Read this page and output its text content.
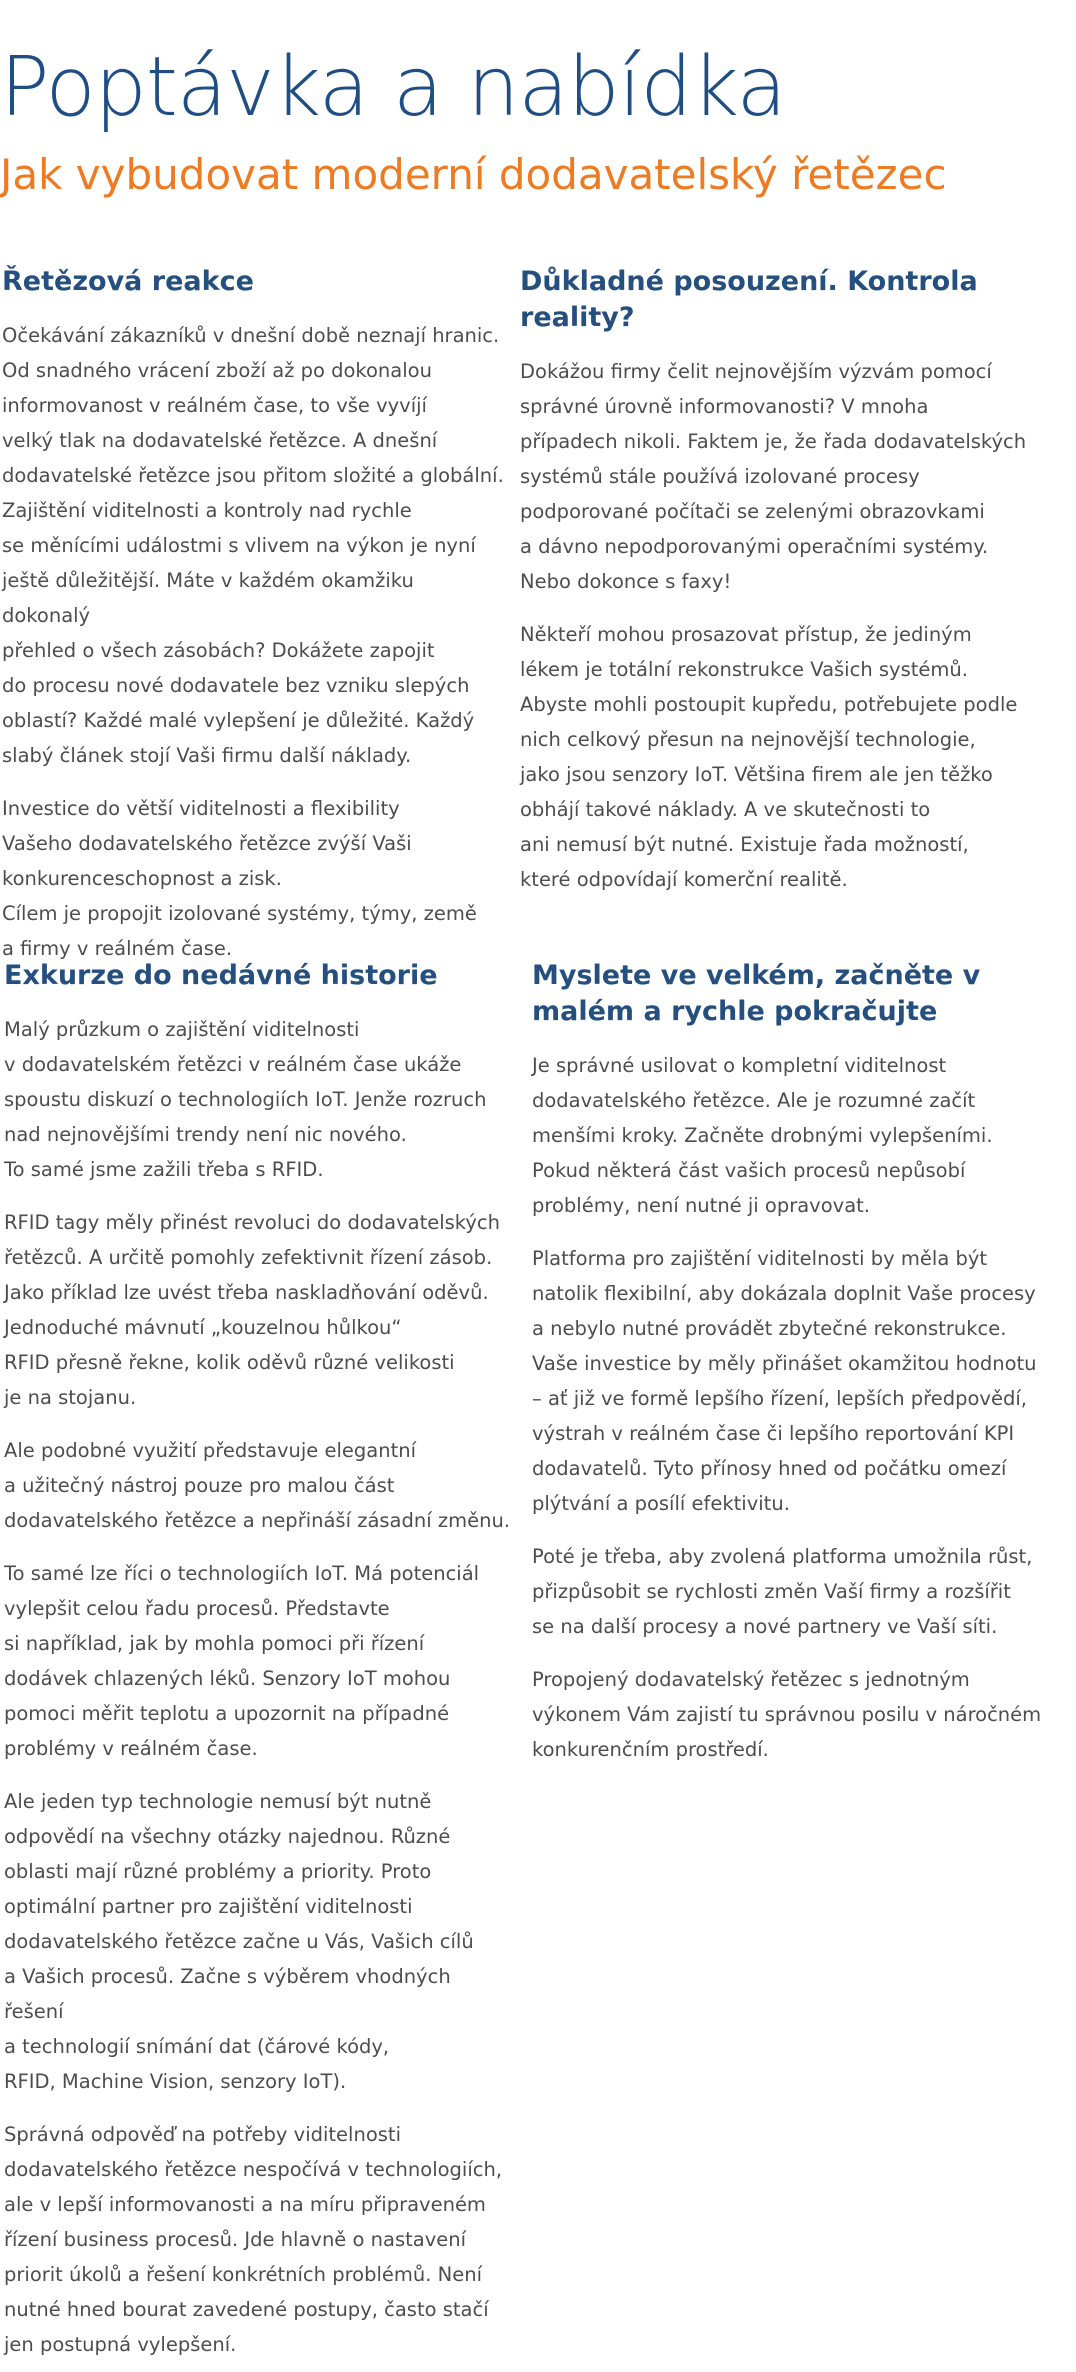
Poptávka a nabídka
Jak vybudovat moderní dodavatelský řetězec
Řetězová reakce

Očekávání zákazníků v dnešní době neznají hranic.
Od snadného vrácení zboží až po dokonalou
informovanost v reálném čase, to vše vyvíjí
velký tlak na dodavatelské řetězce. A dnešní
dodavatelské řetězce jsou přitom složité a globální.
Zajištění viditelnosti a kontroly nad rychle
se měnícími událostmi s vlivem na výkon je nyní
ještě důležitější. Máte v každém okamžiku dokonalý
přehled o všech zásobách? Dokážete zapojit
do procesu nové dodavatele bez vzniku slepých
oblastí? Každé malé vylepšení je důležité. Každý
slabý článek stojí Vaši firmu další náklady.

Investice do větší viditelnosti a flexibility
Vašeho dodavatelského řetězce zvýší Vaši
konkurenceschopnost a zisk.
Cílem je propojit izolované systémy, týmy, země
a firmy v reálném čase.

Důkladné posouzení. Kontrola
reality?

Dokážou firmy čelit nejnovějším výzvám pomocí
správné úrovně informovanosti? V mnoha
případech nikoli. Faktem je, že řada dodavatelských
systémů stále používá izolované procesy
podporované počítači se zelenými obrazovkami
a dávno nepodporovanými operačními systémy.
Nebo dokonce s faxy!

Někteří mohou prosazovat přístup, že jediným
lékem je totální rekonstrukce Vašich systémů.
Abyste mohli postoupit kupředu, potřebujete podle
nich celkový přesun na nejnovější technologie,
jako jsou senzory IoT. Většina firem ale jen těžko
obhájí takové náklady. A ve skutečnosti to
ani nemusí být nutné. Existuje řada možností,
které odpovídají komerční realitě.

Exkurze do nedávné historie

Malý průzkum o zajištění viditelnosti
v dodavatelském řetězci v reálném čase ukáže
spoustu diskuzí o technologiích IoT. Jenže rozruch
nad nejnovějšími trendy není nic nového.
To samé jsme zažili třeba s RFID.

RFID tagy měly přinést revoluci do dodavatelských
řetězců. A určitě pomohly zefektivnit řízení zásob.
Jako příklad lze uvést třeba naskladňování oděvů.
Jednoduché mávnutí „kouzelnou hůlkou“
RFID přesně řekne, kolik oděvů různé velikosti
je na stojanu.

Ale podobné využití představuje elegantní
a užitečný nástroj pouze pro malou část
dodavatelského řetězce a nepřináší zásadní změnu.

To samé lze říci o technologiích IoT. Má potenciál
vylepšit celou řadu procesů. Představte
si například, jak by mohla pomoci při řízení
dodávek chlazených léků. Senzory IoT mohou
pomoci měřit teplotu a upozornit na případné
problémy v reálném čase.

Ale jeden typ technologie nemusí být nutně
odpovědí na všechny otázky najednou. Různé
oblasti mají různé problémy a priority. Proto
optimální partner pro zajištění viditelnosti
dodavatelského řetězce začne u Vás, Vašich cílů
a Vašich procesů. Začne s výběrem vhodných řešení
a technologií snímání dat (čárové kódy,
RFID, Machine Vision, senzory IoT).

Správná odpověď na potřeby viditelnosti
dodavatelského řetězce nespočívá v technologiích,
ale v lepší informovanosti a na míru připraveném
řízení business procesů. Jde hlavně o nastavení
priorit úkolů a řešení konkrétních problémů. Není
nutné hned bourat zavedené postupy, často stačí
jen postupná vylepšení.

Myslete ve velkém, začněte v
malém a rychle pokračujte

Je správné usilovat o kompletní viditelnost
dodavatelského řetězce. Ale je rozumné začít
menšími kroky. Začněte drobnými vylepšeními.
Pokud některá část vašich procesů nepůsobí
problémy, není nutné ji opravovat.

Platforma pro zajištění viditelnosti by měla být
natolik flexibilní, aby dokázala doplnit Vaše procesy
a nebylo nutné provádět zbytečné rekonstrukce.
Vaše investice by měly přinášet okamžitou hodnotu
– ať již ve formě lepšího řízení, lepších předpovědí,
výstrah v reálném čase či lepšího reportování KPI
dodavatelů. Tyto přínosy hned od počátku omezí
plýtvání a posílí efektivitu.

Poté je třeba, aby zvolená platforma umožnila růst,
přizpůsobit se rychlosti změn Vaší firmy a rozšířit
se na další procesy a nové partnery ve Vaší síti.

Propojený dodavatelský řetězec s jednotným
výkonem Vám zajistí tu správnou posilu v náročném
konkurenčním prostředí.
